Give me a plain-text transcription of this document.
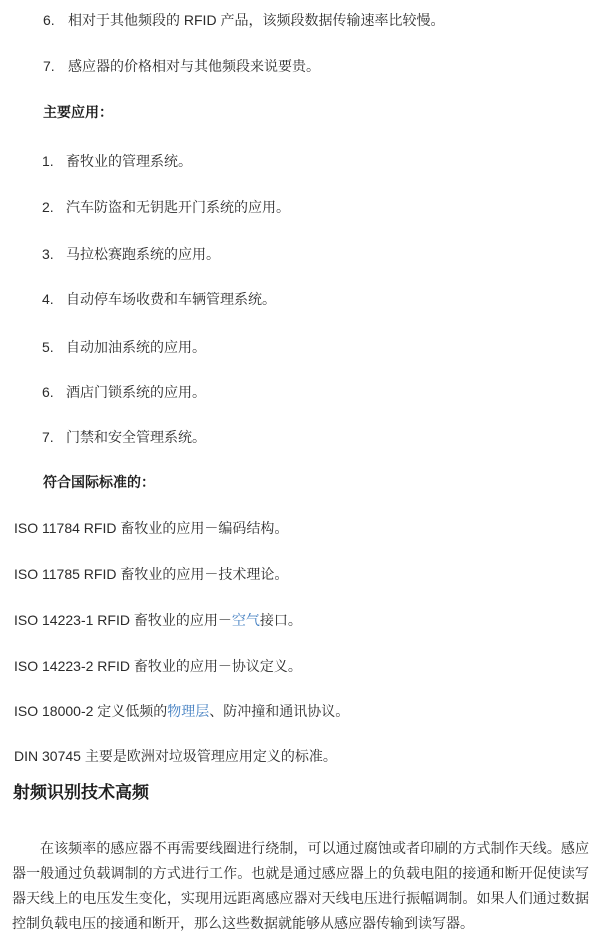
6. 相对于其他频段的 RFID 产品，该频段数据传输速率比较慢。
7. 感应器的价格相对与其他频段来说要贵。
主要应用：
1. 畜牧业的管理系统。
2. 汽车防盗和无钥匙开门系统的应用。
3. 马拉松赛跑系统的应用。
4. 自动停车场收费和车辆管理系统。
5. 自动加油系统的应用。
6. 酒店门锁系统的应用。
7. 门禁和安全管理系统。
符合国际标准的：
ISO 11784 RFID 畜牧业的应用－编码结构。
ISO 11785 RFID 畜牧业的应用－技术理论。
ISO 14223-1 RFID 畜牧业的应用－空气接口。
ISO 14223-2 RFID 畜牧业的应用－协议定义。
ISO 18000-2 定义低频的物理层、防冲撞和通讯协议。
DIN 30745 主要是欧洲对垃圾管理应用定义的标准。
射频识别技术高频
在该频率的感应器不再需要线圈进行绕制，可以通过腐蚀或者印刷的方式制作天线。感应器一般通过负载调制的方式进行工作。也就是通过感应器上的负载电阻的接通和断开促使读写器天线上的电压发生变化，实现用远距离感应器对天线电压进行振幅调制。如果人们通过数据控制负载电压的接通和断开，那么这些数据就能够从感应器传输到读写器。
